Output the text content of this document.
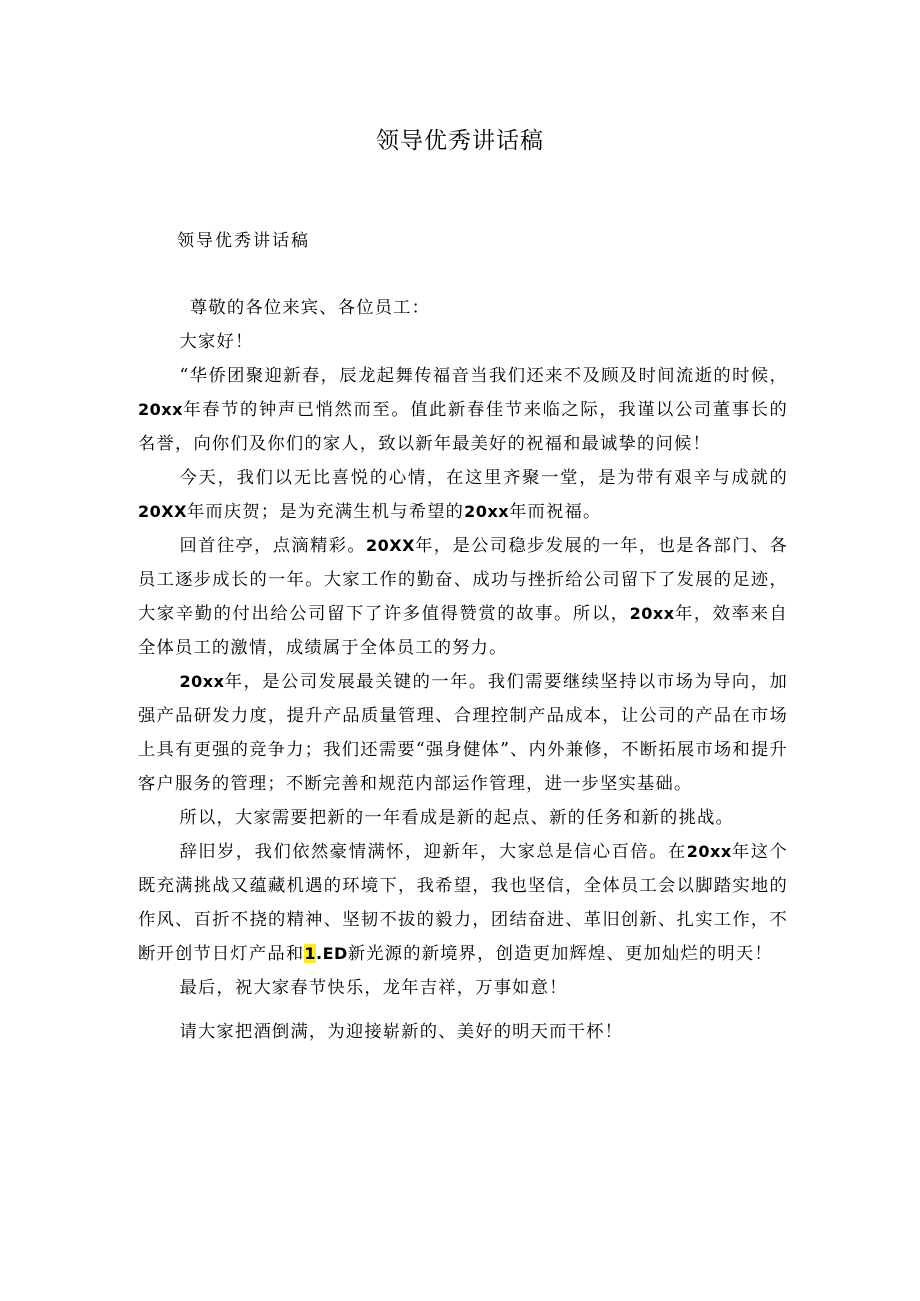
领导优秀讲话稿
领导优秀讲话稿

尊敬的各位来宾、各位员工：

大家好！

“华侨团聚迎新春，辰龙起舞传福音当我们还来不及顾及时间流逝的时候，20xx年春节的钟声已悄然而至。值此新春佳节来临之际，我谨以公司董事长的名誉，向你们及你们的家人，致以新年最美好的祝福和最诚挚的问候！

今天，我们以无比喜悦的心情，在这里齐聚一堂，是为带有艰辛与成就的20XX年而庆贺；是为充满生机与希望的20xx年而祝福。

回首往亭，点滴精彩。20XX年，是公司稳步发展的一年，也是各部门、各员工逐步成长的一年。大家工作的勤奋、成功与挫折给公司留下了发展的足迹，大家辛勤的付出给公司留下了许多值得赞赏的故事。所以，20xx年，效率来自全体员工的激情，成绩属于全体员工的努力。

20xx年，是公司发展最关键的一年。我们需要继续坚持以市场为导向，加强产品研发力度，提升产品质量管理、合理控制产品成本，让公司的产品在市场上具有更强的竞争力；我们还需要“强身健体”、内外兼修，不断拓展市场和提升客户服务的管理；不断完善和规范内部运作管理，进一步坚实基础。

所以，大家需要把新的一年看成是新的起点、新的任务和新的挑战。

辞旧岁，我们依然豪情满怀，迎新年，大家总是信心百倍。在20xx年这个既充满挑战又蕴藏机遇的环境下，我希望，我也坚信，全体员工会以脚踏实地的作风、百折不挠的精神、坚韧不拔的毅力，团结奋进、革旧创新、扎实工作，不断开创节日灯产品和1.ED新光源的新境界，创造更加辉煌、更加灿烂的明天！

最后，祝大家春节快乐，龙年吉祥，万事如意！

请大家把酒倒满，为迎接崭新的、美好的明天而干杯！
